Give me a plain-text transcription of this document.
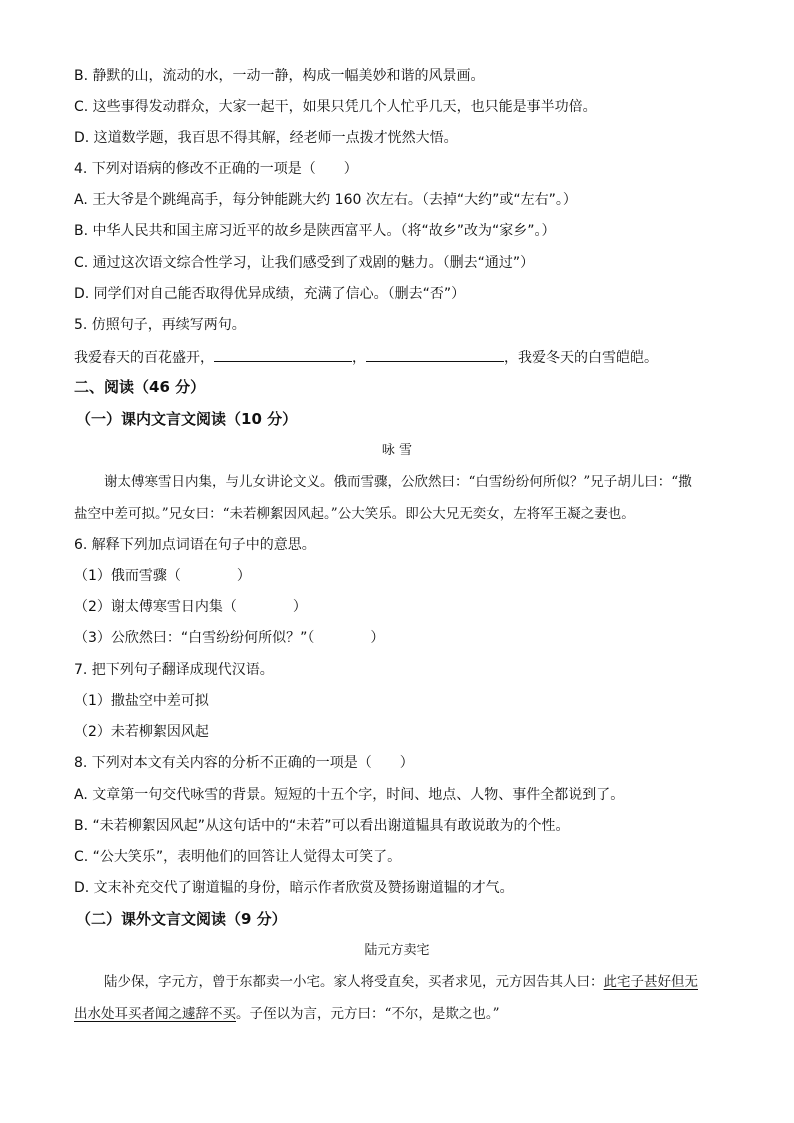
B. 静默的山，流动的水，一动一静，构成一幅美妙和谐的风景画。
C. 这些事得发动群众，大家一起干，如果只凭几个人忙乎几天，也只能是事半功倍。
D. 这道数学题，我百思不得其解，经老师一点拨才恍然大悟。
4. 下列对语病的修改不正确的一项是（　　）
A. 王大爷是个跳绳高手，每分钟能跳大约 160 次左右。（去掉“大约”或“左右”。）
B. 中华人民共和国主席习近平的故乡是陕西富平人。（将“故乡”改为“家乡”。）
C. 通过这次语文综合性学习，让我们感受到了戏剧的魅力。（删去“通过”）
D. 同学们对自己能否取得优异成绩，充满了信心。（删去“否”）
5. 仿照句子，再续写两句。
我爱春天的百花盛开，	，	，我爱冬天的白雪皑皑。
二、阅读（46 分）
（一）课内文言文阅读（10 分）
咏 雪
谢太傅寒雪日内集，与儿女讲论文义。俄而雪骤，公欣然曰：“白雪纷纷何所似？”兄子胡儿曰：“撒
盐空中差可拟。”兄女曰：“未若柳絮因风起。”公大笑乐。即公大兄无奕女，左将军王凝之妻也。
6. 解释下列加点词语在句子中的意思。
（1）俄而雪骤（　　　　）
（2）谢太傅寒雪日内集（　　　　）
（3）公欣然曰：“白雪纷纷何所似？”（　　　　）
7. 把下列句子翻译成现代汉语。
（1）撒盐空中差可拟
（2）未若柳絮因风起
8. 下列对本文有关内容的分析不正确的一项是（　　）
A. 文章第一句交代咏雪的背景。短短的十五个字，时间、地点、人物、事件全都说到了。
B. “未若柳絮因风起”从这句话中的“未若”可以看出谢道韫具有敢说敢为的个性。
C. “公大笑乐”，表明他们的回答让人觉得太可笑了。
D. 文末补充交代了谢道韫的身份，暗示作者欣赏及赞扬谢道韫的才气。
（二）课外文言文阅读（9 分）
陆元方卖宅
陆少保，字元方，曾于东都卖一小宅。家人将受直矣，买者求见，元方因告其人曰：此宅子甚好但无
出水处耳买者闻之遽辞不买。子侄以为言，元方曰：“不尔，是欺之也。”
